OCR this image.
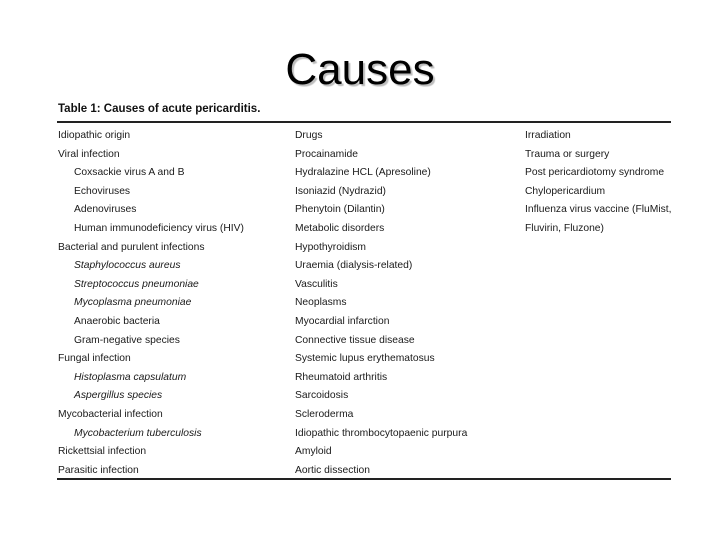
Causes
Table 1: Causes of acute pericarditis.
Idiopathic origin
Viral infection
Coxsackie virus A and B
Echoviruses
Adenoviruses
Human immunodeficiency virus (HIV)
Bacterial and purulent infections
Staphylococcus aureus
Streptococcus pneumoniae
Mycoplasma pneumoniae
Anaerobic bacteria
Gram-negative species
Fungal infection
Histoplasma capsulatum
Aspergillus species
Mycobacterial infection
Mycobacterium tuberculosis
Rickettsial infection
Parasitic infection
Drugs
Procainamide
Hydralazine HCL (Apresoline)
Isoniazid (Nydrazid)
Phenytoin (Dilantin)
Metabolic disorders
Hypothyroidism
Uraemia (dialysis-related)
Vasculitis
Neoplasms
Myocardial infarction
Connective tissue disease
Systemic lupus erythematosus
Rheumatoid arthritis
Sarcoidosis
Scleroderma
Idiopathic thrombocytopaenic purpura
Amyloid
Aortic dissection
Irradiation
Trauma or surgery
Post pericardiotomy syndrome
Chylopericardium
Influenza virus vaccine (FluMist,
Fluvirin, Fluzone)
